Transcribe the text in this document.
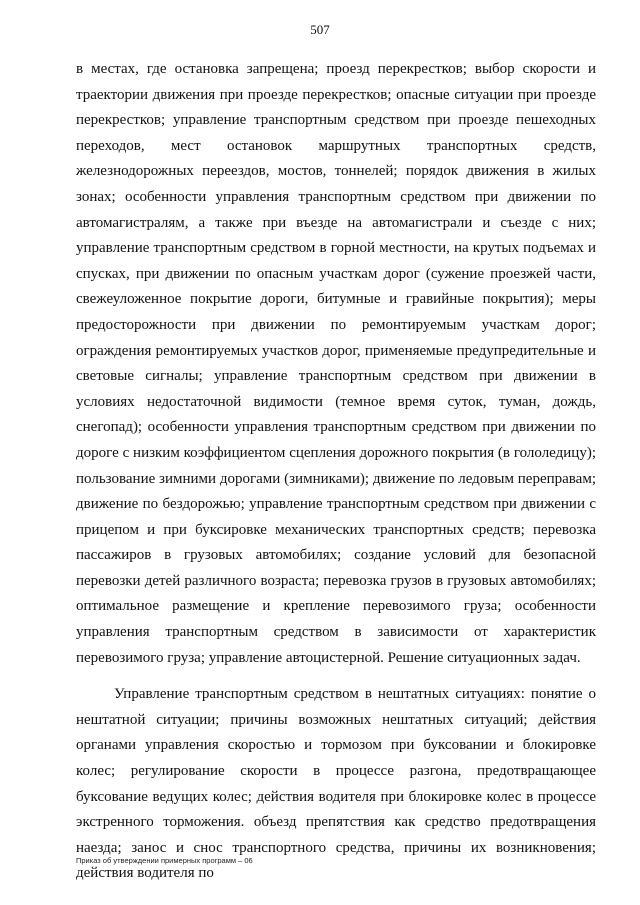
507

в местах, где остановка запрещена; проезд перекрестков; выбор скорости и траектории движения при проезде перекрестков; опасные ситуации при проезде перекрестков; управление транспортным средством при проезде пешеходных переходов, мест остановок маршрутных транспортных средств, железнодорожных переездов, мостов, тоннелей; порядок движения в жилых зонах; особенности управления транспортным средством при движении по автомагистралям, а также при въезде на автомагистрали и съезде с них; управление транспортным средством в горной местности, на крутых подъемах и спусках, при движении по опасным участкам дорог (сужение проезжей части, свежеуложенное покрытие дороги, битумные и гравийные покрытия); меры предосторожности при движении по ремонтируемым участкам дорог; ограждения ремонтируемых участков дорог, применяемые предупредительные и световые сигналы; управление транспортным средством при движении в условиях недостаточной видимости (темное время суток, туман, дождь, снегопад); особенности управления транспортным средством при движении по дороге с низким коэффициентом сцепления дорожного покрытия (в гололедицу); пользование зимними дорогами (зимниками); движение по ледовым переправам; движение по бездорожью; управление транспортным средством при движении с прицепом и при буксировке механических транспортных средств; перевозка пассажиров в грузовых автомобилях; создание условий для безопасной перевозки детей различного возраста; перевозка грузов в грузовых автомобилях; оптимальное размещение и крепление перевозимого груза; особенности управления транспортным средством в зависимости от характеристик перевозимого груза; управление автоцистерной. Решение ситуационных задач.

Управление транспортным средством в нештатных ситуациях: понятие о нештатной ситуации; причины возможных нештатных ситуаций; действия органами управления скоростью и тормозом при буксовании и блокировке колес; регулирование скорости в процессе разгона, предотвращающее буксование ведущих колес; действия водителя при блокировке колес в процессе экстренного торможения. объезд препятствия как средство предотвращения наезда; занос и снос транспортного средства, причины их возникновения; действия водителя по

Приказ об утверждении примерных программ – 06
